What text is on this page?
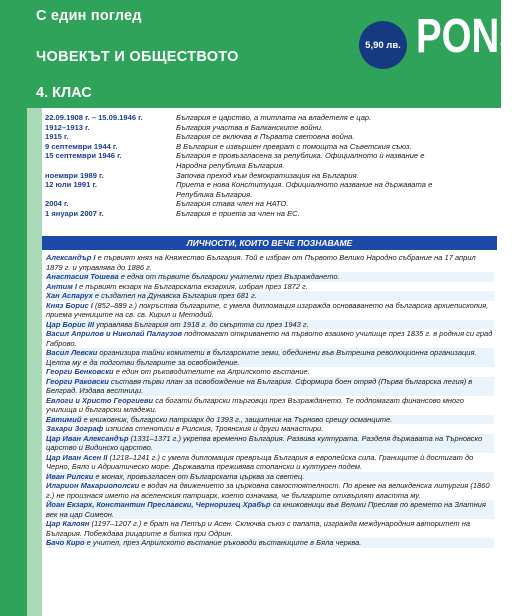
С един поглед
ЧОВЕКЪТ И ОБЩЕСТВОТО
4. КЛАС
5,90 лв. PONS
22.09.1908 г. – 15.09.1946 г.	България е царство, а титлата на владетеля е цар.
1912–1913 г.	България участва в Балканските войни.
1915 г.	България се включва в Първата световна война.
9 септември 1944 г.	В България е извършен преврат с помощта на Съветския съюз.
15 септември 1946 г.	България е провъзгласена за република. Официалното ѝ название е
Народна република България.
ноември 1989 г.	Започва преход към демократизация на България.
12 юли 1991 г.	Приета е нова Конституция. Официалното название на държавата е
Република България.
2004 г.	България става член на НАТО.
1 януари 2007 г.	България е приета за член на ЕС.
ЛИЧНОСТИ, КОИТО ВЕЧЕ ПОЗНАВАМЕ
Александър I е първият княз на Княжество България. Той е избран от Първото Велико Народно събрание на 17 април 1879 г. и управлява до 1886 г.
Анастасия Тошева е една от първите български учителки през Възраждането.
Антим I е първият екзарх на Българската екзархия, избран през 1872 г.
Хан Аспарух е създател на Дунавска България през 681 г.
Княз Борис I (852–889 г.) покръства българите, с умела дипломация изгражда основаването на българска архиепископия, приема учениците на св. св. Кирил и Методий.
Цар Борис III управлява България от 1918 г. до смъртта си през 1943 г.
Васил Априлов и Николай Палаузов подпомагат откриването на първото взаимно училище през 1835 г. в родния си град Габрово.
Васил Левски организира тайни комитети в българските земи, обединени във Вътрешна революционна организация. Целта му е да подготви българите за освобождение.
Георги Бенковски е един от ръководителите на Априлското въстание.
Георги Раковски съставя първи план за освобождение на България. Сформира боен отряд (Първа българска легия) в Белград. Издава вестници.
Евлоги и Христо Георгиеви са богати български търговци през Възраждането. Те подпомагат финансово много училища и български младежи.
Евтимий е книжовник, български патриарх до 1393 г., защитник на Търново срещу османците.
Захари Зограф изписва стенописи в Рилския, Троянския и други манастири.
Цар Иван Александър (1331–1371 г.) укрепва временно България. Развива културата. Разделя държавата на Търновско царство и Видинско царство.
Цар Иван Асен II (1218–1241 г.) с умела дипломация превръща България в европейска сила. Границите ѝ достигат до Черно, Бяло и Адриатическо море. Държавата преживява стопански и културен подем.
Иван Рилски е монах, провъзгласен от Българската църква за светец.
Иларион Макариополски е водач на движението за църковна самостоятелност. По време на великденска литургия (1860 г.) не произнася името на вселенския патриарх, което означава, че българите отхвърлят властта му.
Йоан Екзарх, Константин Преславски, Черноризец Храбър са книжовници във Велики Преслав по времето на Златния век на цар Симеон.
Цар Калоян (1197–1207 г.) е брат на Петър и Асен. Сключва съюз с папата, изгражда международния авторитет на България. Побеждава рицарите в битка при Одрин.
Бачо Киро е учител, през Априлското въстание ръководи въстаниците в Бяла черква.
